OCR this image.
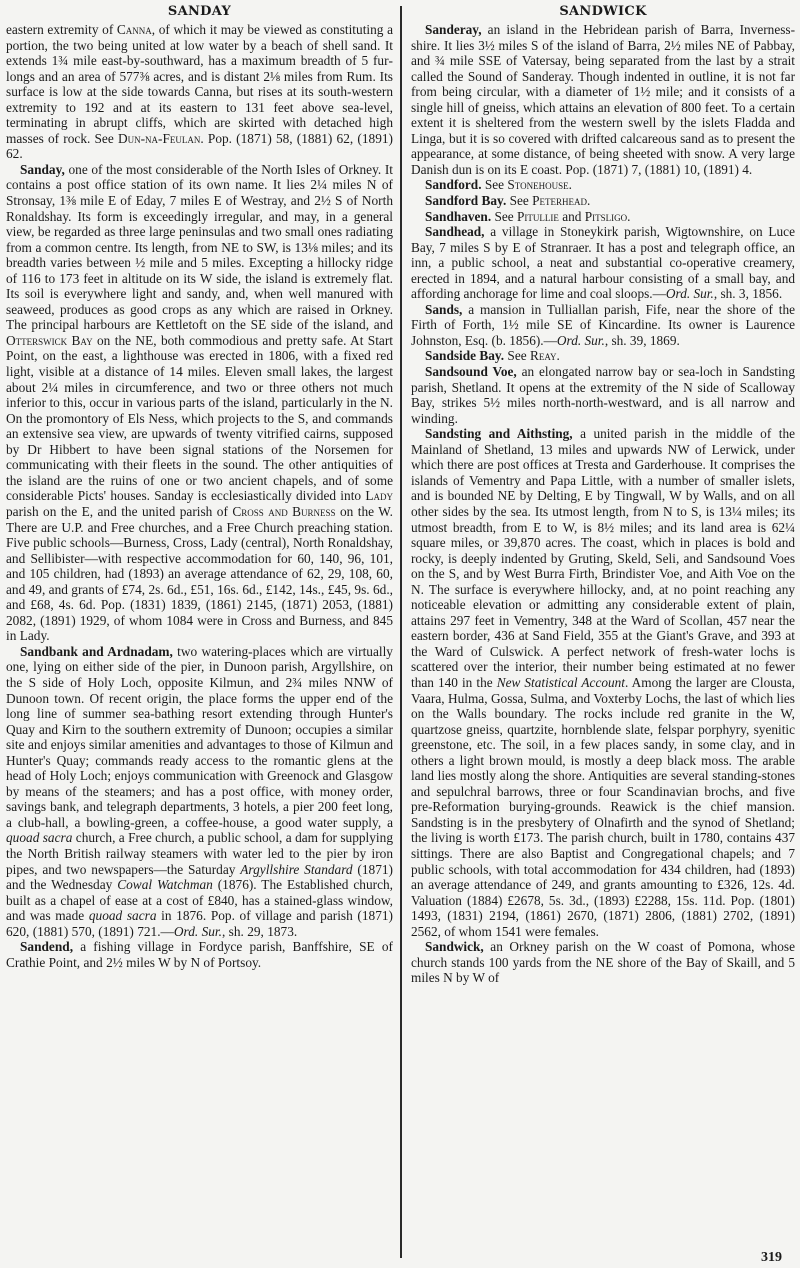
SANDAY

eastern extremity of Canna, of which it may be viewed as constituting a portion, the two being united at low water by a beach of shell sand. It extends 1¾ mile east-by-southward, has a maximum breadth of 5 furlongs and an area of 577⅜ acres, and is distant 2⅛ miles from Rum. Its surface is low at the side towards Canna, but rises at its south-western extremity to 192 and at its eastern to 131 feet above sea-level, terminating in abrupt cliffs, which are skirted with detached high masses of rock. See Dun-na-Feulan. Pop. (1871) 58, (1881) 62, (1891) 62.

Sanday, one of the most considerable of the North Isles of Orkney. It contains a post office station of its own name. It lies 2¼ miles N of Stronsay, 1⅜ mile E of Eday, 7 miles E of Westray, and 2½ S of North Ronaldshay. Its form is exceedingly irregular, and may, in a general view, be regarded as three large peninsulas and two small ones radiating from a common centre. Its length, from NE to SW, is 13⅛ miles; and its breadth varies between ½ mile and 5 miles. Excepting a hillocky ridge of 116 to 173 feet in altitude on its W side, the island is extremely flat. Its soil is everywhere light and sandy, and, when well manured with seaweed, produces as good crops as any which are raised in Orkney. The principal harbours are Kettletoft on the SE side of the island, and Otterswick Bay on the NE, both commodious and pretty safe. At Start Point, on the east, a lighthouse was erected in 1806, with a fixed red light, visible at a distance of 14 miles. Eleven small lakes, the largest about 2¼ miles in circumference, and two or three others not much inferior to this, occur in various parts of the island, particularly in the N. On the promontory of Els Ness, which projects to the S, and commands an extensive sea view, are upwards of twenty vitrified cairns, supposed by Dr Hibbert to have been signal stations of the Norsemen for communicating with their fleets in the sound. The other antiquities of the island are the ruins of one or two ancient chapels, and of some considerable Picts' houses. Sanday is ecclesiastically divided into Lady parish on the E, and the united parish of Cross and Burness on the W. There are U.P. and Free churches, and a Free Church preaching station. Five public schools—Burness, Cross, Lady (central), North Ronaldshay, and Sellibister—with respective accommodation for 60, 140, 96, 101, and 105 children, had (1893) an average attendance of 62, 29, 108, 60, and 49, and grants of £74, 2s. 6d., £51, 16s. 6d., £142, 14s., £45, 9s. 6d., and £68, 4s. 6d. Pop. (1831) 1839, (1861) 2145, (1871) 2053, (1881) 2082, (1891) 1929, of whom 1084 were in Cross and Burness, and 845 in Lady.

Sandbank and Ardnadam, two watering-places which are virtually one, lying on either side of the pier, in Dunoon parish, Argyllshire, on the S side of Holy Loch, opposite Kilmun, and 2¾ miles NNW of Dunoon town. Of recent origin, the place forms the upper end of the long line of summer sea-bathing resort extending through Hunter's Quay and Kirn to the southern extremity of Dunoon; occupies a similar site and enjoys similar amenities and advantages to those of Kilmun and Hunter's Quay; commands ready access to the romantic glens at the head of Holy Loch; enjoys communication with Greenock and Glasgow by means of the steamers; and has a post office, with money order, savings bank, and telegraph departments, 3 hotels, a pier 200 feet long, a club-hall, a bowling-green, a coffee-house, a good water supply, a quoad sacra church, a Free church, a public school, a dam for supplying the North British railway steamers with water led to the pier by iron pipes, and two newspapers—the Saturday Argyllshire Standard (1871) and the Wednesday Cowal Watchman (1876). The Established church, built as a chapel of ease at a cost of £840, has a stained-glass window, and was made quoad sacra in 1876. Pop. of village and parish (1871) 620, (1881) 570, (1891) 721.—Ord. Sur., sh. 29, 1873.

Sandend, a fishing village in Fordyce parish, Banffshire, SE of Crathie Point, and 2½ miles W by N of Portsoy.

SANDWICK

Sanderay, an island in the Hebridean parish of Barra, Inverness-shire. It lies 3½ miles S of the island of Barra, 2½ miles NE of Pabbay, and ¾ mile SSE of Vatersay, being separated from the last by a strait called the Sound of Sanderay. Though indented in outline, it is not far from being circular, with a diameter of 1½ mile; and it consists of a single hill of gneiss, which attains an elevation of 800 feet. To a certain extent it is sheltered from the western swell by the islets Fladda and Linga, but it is so covered with drifted calcareous sand as to present the appearance, at some distance, of being sheeted with snow. A very large Danish dun is on its E coast. Pop. (1871) 7, (1881) 10, (1891) 4.

Sandford. See Stonehouse.

Sandford Bay. See Peterhead.

Sandhaven. See Pitullie and Pitsligo.

Sandhead, a village in Stoneykirk parish, Wigtownshire, on Luce Bay, 7 miles S by E of Stranraer. It has a post and telegraph office, an inn, a public school, a neat and substantial co-operative creamery, erected in 1894, and a natural harbour consisting of a small bay, and affording anchorage for lime and coal sloops.—Ord. Sur., sh. 3, 1856.

Sands, a mansion in Tulliallan parish, Fife, near the shore of the Firth of Forth, 1½ mile SE of Kincardine. Its owner is Laurence Johnston, Esq. (b. 1856).—Ord. Sur., sh. 39, 1869.

Sandside Bay. See Reay.

Sandsound Voe, an elongated narrow bay or sea-loch in Sandsting parish, Shetland. It opens at the extremity of the N side of Scalloway Bay, strikes 5½ miles north-north-westward, and is all narrow and winding.

Sandsting and Aithsting, a united parish in the middle of the Mainland of Shetland, 13 miles and upwards NW of Lerwick, under which there are post offices at Tresta and Garderhouse. It comprises the islands of Vementry and Papa Little, with a number of smaller islets, and is bounded NE by Delting, E by Tingwall, W by Walls, and on all other sides by the sea. Its utmost length, from N to S, is 13¼ miles; its utmost breadth, from E to W, is 8½ miles; and its land area is 62¼ square miles, or 39,870 acres. The coast, which in places is bold and rocky, is deeply indented by Gruting, Skeld, Seli, and Sandsound Voes on the S, and by West Burra Firth, Brindister Voe, and Aith Voe on the N. The surface is everywhere hillocky, and, at no point reaching any noticeable elevation or admitting any considerable extent of plain, attains 297 feet in Vementry, 348 at the Ward of Scollan, 457 near the eastern border, 436 at Sand Field, 355 at the Giant's Grave, and 393 at the Ward of Culswick. A perfect network of fresh-water lochs is scattered over the interior, their number being estimated at no fewer than 140 in the New Statistical Account. Among the larger are Clousta, Vaara, Hulma, Gossa, Sulma, and Voxterby Lochs, the last of which lies on the Walls boundary. The rocks include red granite in the W, quartzose gneiss, quartzite, hornblende slate, felspar porphyry, syenitic greenstone, etc. The soil, in a few places sandy, in some clay, and in others a light brown mould, is mostly a deep black moss. The arable land lies mostly along the shore. Antiquities are several standing-stones and sepulchral barrows, three or four Scandinavian brochs, and five pre-Reformation burying-grounds. Reawick is the chief mansion. Sandsting is in the presbytery of Olnafirth and the synod of Shetland; the living is worth £173. The parish church, built in 1780, contains 437 sittings. There are also Baptist and Congregational chapels; and 7 public schools, with total accommodation for 434 children, had (1893) an average attendance of 249, and grants amounting to £326, 12s. 4d. Valuation (1884) £2678, 5s. 3d., (1893) £2288, 15s. 11d. Pop. (1801) 1493, (1831) 2194, (1861) 2670, (1871) 2806, (1881) 2702, (1891) 2562, of whom 1541 were females.

Sandwick, an Orkney parish on the W coast of Pomona, whose church stands 100 yards from the NE shore of the Bay of Skaill, and 5 miles N by W of

319
